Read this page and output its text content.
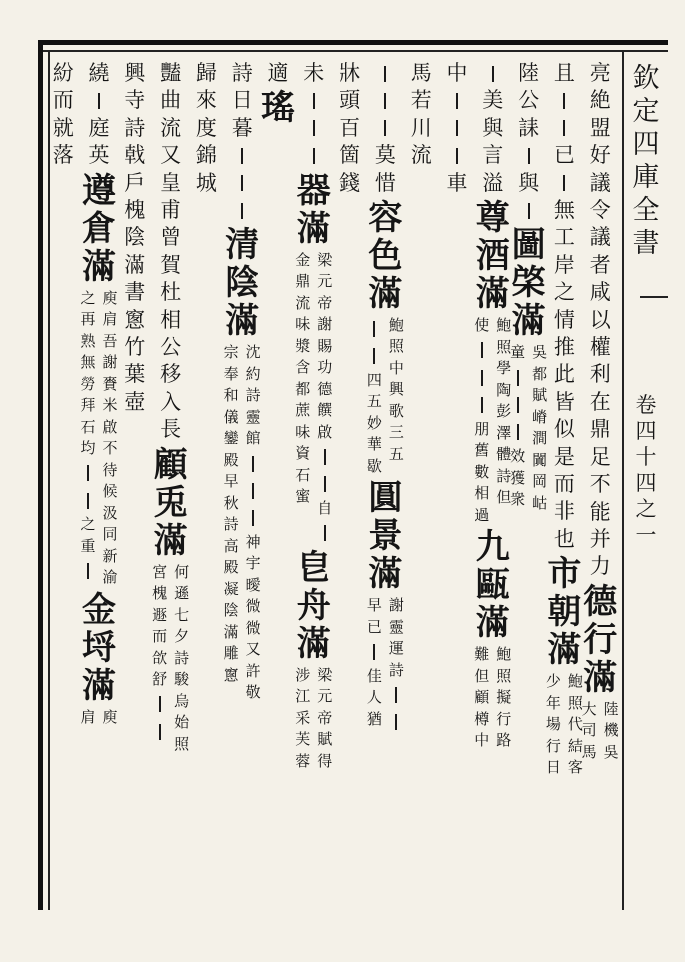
欽
定
四
庫
全
書
卷
四
十
四
之
一
亮
絶
盟
好
議
令
議
者
咸
以
權
利
在
鼎
足
不
能
并
力
德
行
滿
大
司
馬
陸
機
吳
且
已
無
工
岸
之
情
推
此
皆
似
是
而
非
也
市
朝
滿
少
年
場
行
日
鮑
照
代
結
客
陸
公
誄
與
圖
棨
滿
童
效
獲
衆
吳
都
賦
嵴
澗
闐
岡
岵
美
與
言
溢
尊
酒
滿
使
朋
舊
數
相
過
鮑
照
學
陶
彭
澤
體
詩
但
九
甌
滿
難
但
顧
樽
中
鮑
照
擬
行
路
中
車
馬
若
川
流
莫
惜
容
色
滿
四
五
妙
華
歇
鮑
照
中
興
歌
三
五
圓
景
滿
早
已
佳
人
猶
謝
靈
運
詩
牀
頭
百
箇
錢
未
器
滿
金
鼎
流
味
漿
含
都
蔗
味
資
石
蜜
梁
元
帝
謝
賜
功
德
饌
啟
自
皀
舟
滿
涉
江
采
芙
蓉
梁
元
帝
賦
得
適
瑤
詩
日
暮
清
陰
滿
宗
奉
和
儀
鑾
殿
早
秋
詩
高
殿
凝
陰
滿
雕
窻
沈
約
詩
靈
館
神
宇
曖
微
微
又
許
敬
歸
來
度
錦
城
豔
曲
流
又
皇
甫
曾
賀
杜
相
公
移
入
長
顧
兎
滿
宮
槐
遯
而
欱
舒
何
遜
七
夕
詩
駿
烏
始
照
興
寺
詩
戟
戶
槐
陰
滿
書
窻
竹
葉
壺
繞
庭
英
遵
倉
滿
之
再
熟
無
勞
拜
石
均
之
重
庾
肩
吾
謝
賚
米
啟
不
待
候
汲
同
新
渝
金
埒
滿
肩 庾
紛
而
就
落
